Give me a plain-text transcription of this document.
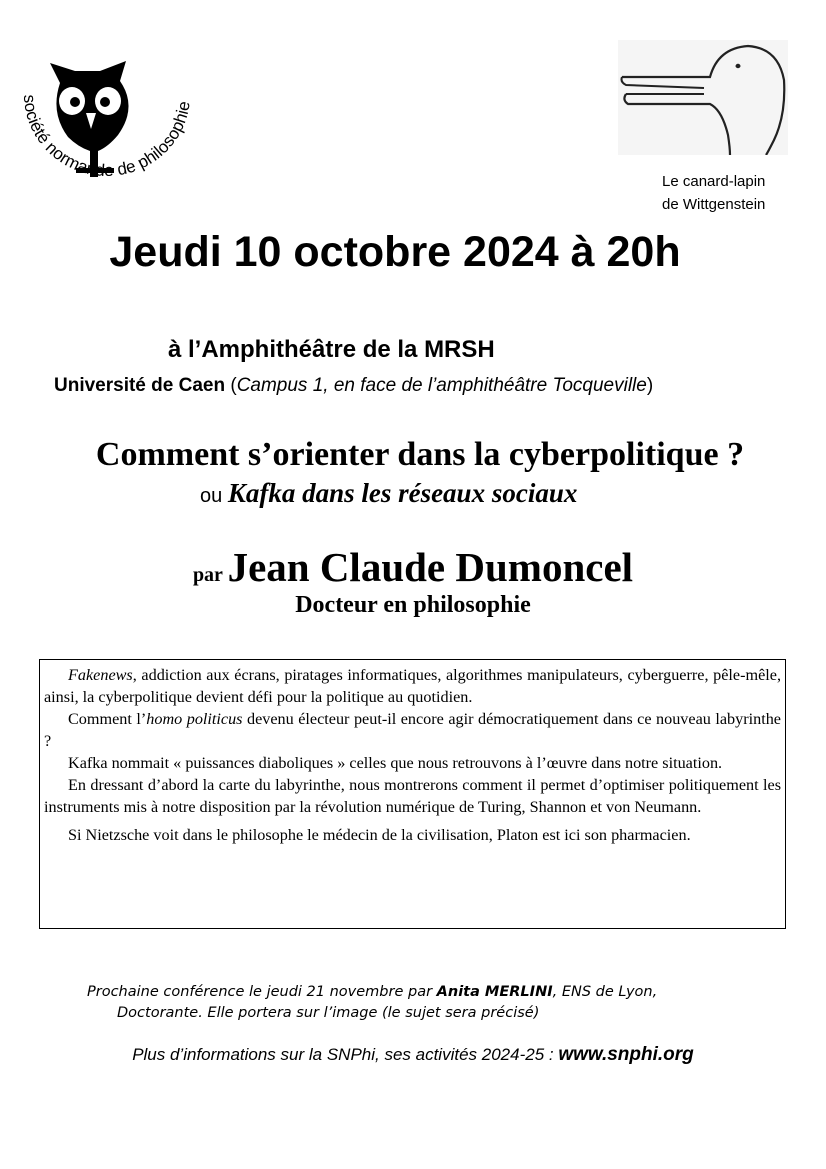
société normande de philosophie
Le canard-lapin
de Wittgenstein
Jeudi 10 octobre 2024 à 20h
à l’Amphithéâtre de la MRSH
Université de Caen (Campus 1, en face de l’amphithéâtre Tocqueville)
Comment s’orienter dans la cyberpolitique ?
ou Kafka dans les réseaux sociaux
par Jean Claude Dumoncel
Docteur en philosophie

Fakenews, addiction aux écrans, piratages informatiques, algorithmes manipulateurs, cyberguerre, pêle-mêle, ainsi, la cyberpolitique devient défi pour la politique au quotidien.

Comment l’homo politicus devenu électeur peut-il encore agir démocratiquement dans ce nouveau labyrinthe ?

Kafka nommait « puissances diaboliques » celles que nous retrouvons à l’œuvre dans notre situation.

En dressant d’abord la carte du labyrinthe, nous montrerons comment il permet d’optimiser politiquement les instruments mis à notre disposition par la révolution numérique de Turing, Shannon et von Neumann.

Si Nietzsche voit dans le philosophe le médecin de la civilisation, Platon est ici son pharmacien.

Prochaine conférence le jeudi 21 novembre par Anita MERLINI, ENS de Lyon,
Doctorante. Elle portera sur l’image (le sujet sera précisé)
Plus d’informations sur la SNPhi, ses activités 2024-25 : www.snphi.org
